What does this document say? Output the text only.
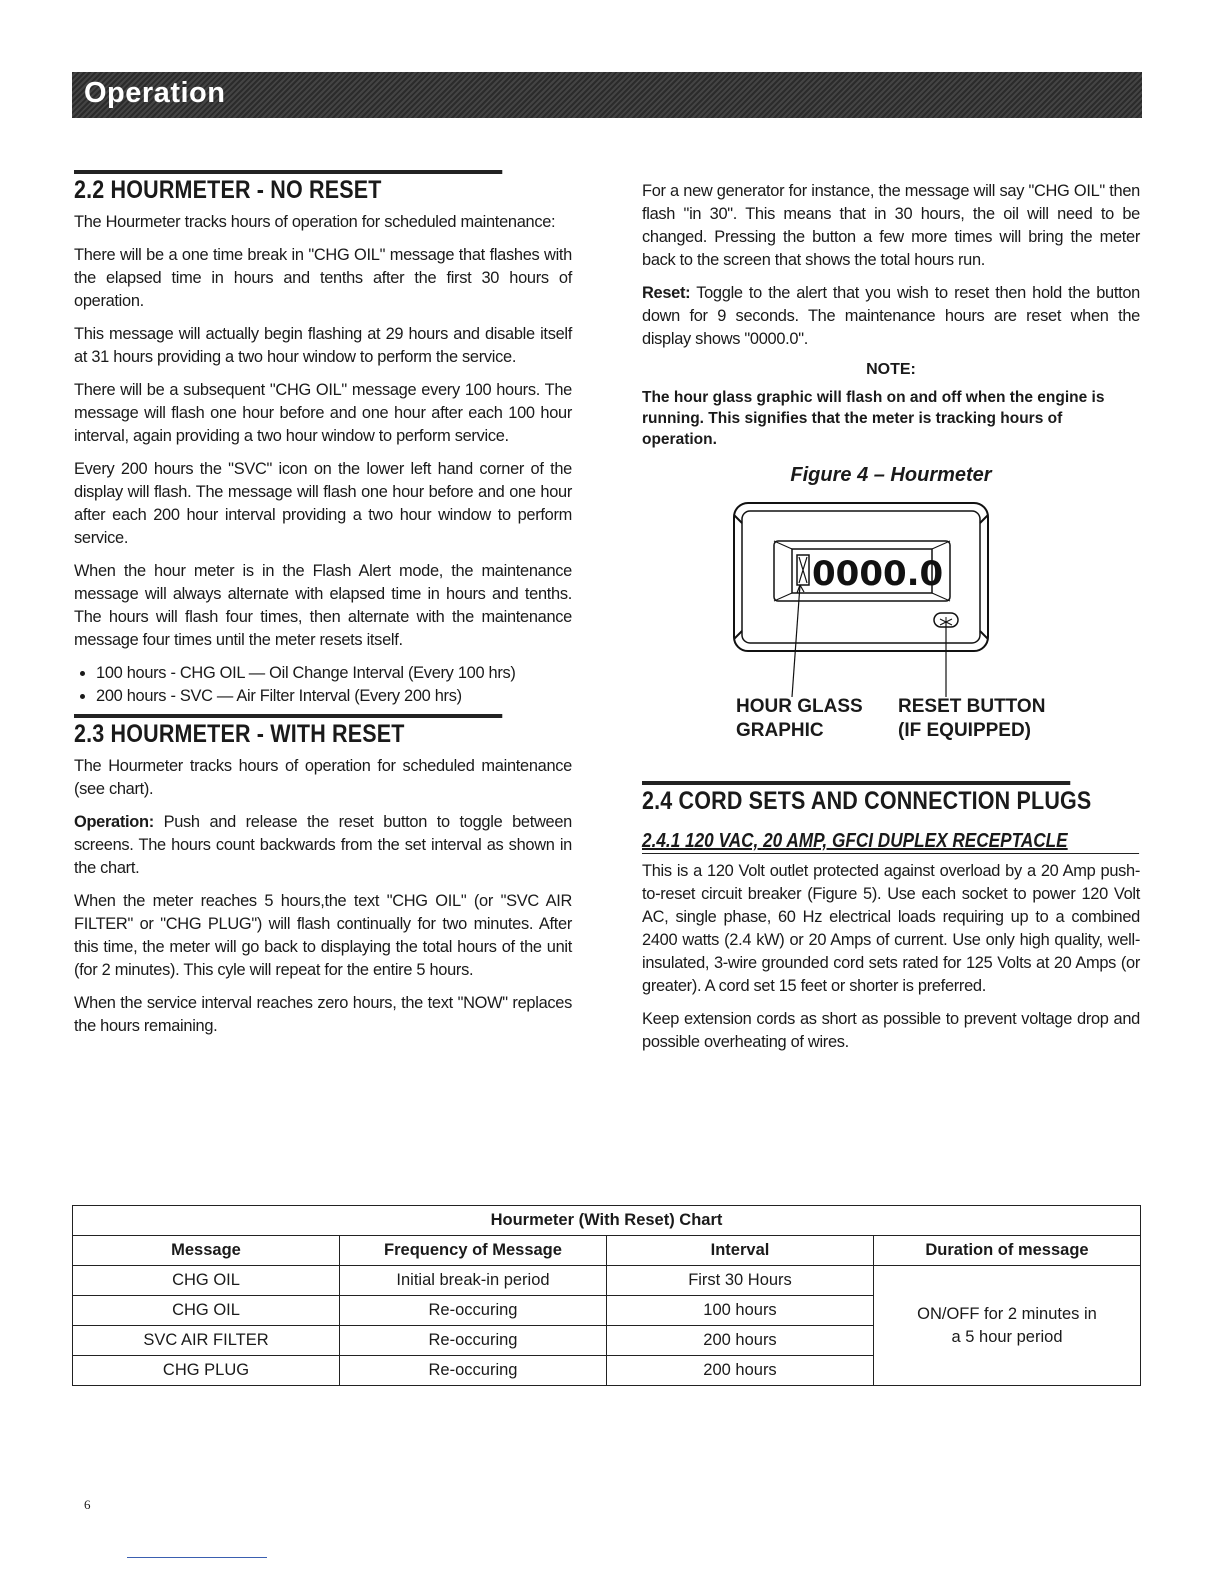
Operation
2.2 HOURMETER - NO RESET

The Hourmeter tracks hours of operation for scheduled maintenance:

There will be a one time break in "CHG OIL" message that flashes with the elapsed time in hours and tenths after the first 30 hours of operation.

This message will actually begin flashing at 29 hours and disable itself at 31 hours providing a two hour window to perform the service.

There will be a subsequent "CHG OIL" message every 100 hours. The message will flash one hour before and one hour after each 100 hour interval, again providing a two hour window to perform service.

Every 200 hours the "SVC" icon on the lower left hand corner of the display will flash. The message will flash one hour before and one hour after each 200 hour interval providing a two hour window to perform service.

When the hour meter is in the Flash Alert mode, the maintenance message will always alternate with elapsed time in hours and tenths. The hours will flash four times, then alternate with the maintenance message four times until the meter resets itself.

• 100 hours - CHG OIL — Oil Change Interval (Every 100 hrs)
• 200 hours - SVC — Air Filter Interval (Every 200 hrs)
2.3 HOURMETER - WITH RESET

The Hourmeter tracks hours of operation for scheduled maintenance (see chart).

Operation: Push and release the reset button to toggle between screens. The hours count backwards from the set interval as shown in the chart.

When the meter reaches 5 hours,the text "CHG OIL" (or "SVC AIR FILTER" or "CHG PLUG") will flash continually for two minutes. After this time, the meter will go back to displaying the total hours of the unit (for 2 minutes). This cyle will repeat for the entire 5 hours.

When the service interval reaches zero hours, the text "NOW" replaces the hours remaining.

For a new generator for instance, the message will say "CHG OIL" then flash "in 30". This means that in 30 hours, the oil will need to be changed. Pressing the button a few more times will bring the meter back to the screen that shows the total hours run.

Reset: Toggle to the alert that you wish to reset then hold the button down for 9 seconds. The maintenance hours are reset when the display shows "0000.0".

NOTE:
The hour glass graphic will flash on and off when the engine is running. This signifies that the meter is tracking hours of operation.
Figure 4 – Hourmeter
0000.0
HOUR GLASS
GRAPHIC
RESET BUTTON
(IF EQUIPPED)
2.4 CORD SETS AND CONNECTION PLUGS
2.4.1 120 VAC, 20 AMP, GFCI DUPLEX RECEPTACLE

This is a 120 Volt outlet protected against overload by a 20 Amp push-to-reset circuit breaker (Figure 5). Use each socket to power 120 Volt AC, single phase, 60 Hz electrical loads requiring up to a combined 2400 watts (2.4 kW) or 20 Amps of current. Use only high quality, well-insulated, 3-wire grounded cord sets rated for 125 Volts at 20 Amps (or greater). A cord set 15 feet or shorter is preferred.

Keep extension cords as short as possible to prevent voltage drop and possible overheating of wires.

Hourmeter (With Reset) Chart			
Message	Frequency of Message	Interval	Duration of message
CHG OIL	Initial break-in period	First 30 Hours	ON/OFF for 2 minutes in a 5 hour period
CHG OIL	Re-occuring	100 hours	
SVC AIR FILTER	Re-occuring	200 hours	
CHG PLUG	Re-occuring	200 hours	
6
